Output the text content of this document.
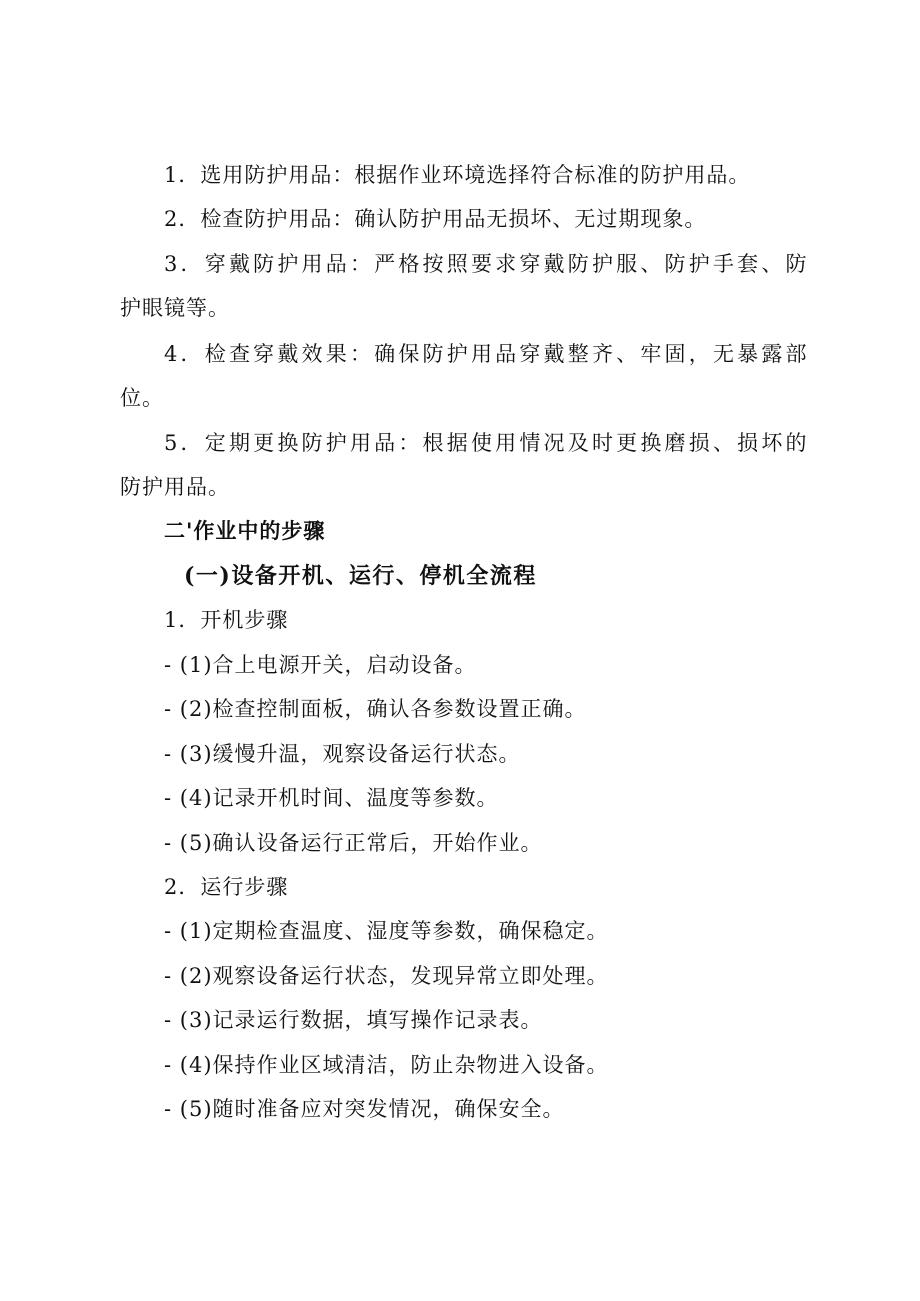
1．选用防护用品：根据作业环境选择符合标准的防护用品。
2．检查防护用品：确认防护用品无损坏、无过期现象。
3．穿戴防护用品：严格按照要求穿戴防护服、防护手套、防
护眼镜等。
4．检查穿戴效果：确保防护用品穿戴整齐、牢固，无暴露部
位。
5．定期更换防护用品：根据使用情况及时更换磨损、损坏的
防护用品。
二'作业中的步骤
(一)设备开机、运行、停机全流程
1．开机步骤
- (1)合上电源开关，启动设备。
- (2)检查控制面板，确认各参数设置正确。
- (3)缓慢升温，观察设备运行状态。
- (4)记录开机时间、温度等参数。
- (5)确认设备运行正常后，开始作业。
2．运行步骤
- (1)定期检查温度、湿度等参数，确保稳定。
- (2)观察设备运行状态，发现异常立即处理。
- (3)记录运行数据，填写操作记录表。
- (4)保持作业区域清洁，防止杂物进入设备。
- (5)随时准备应对突发情况，确保安全。
